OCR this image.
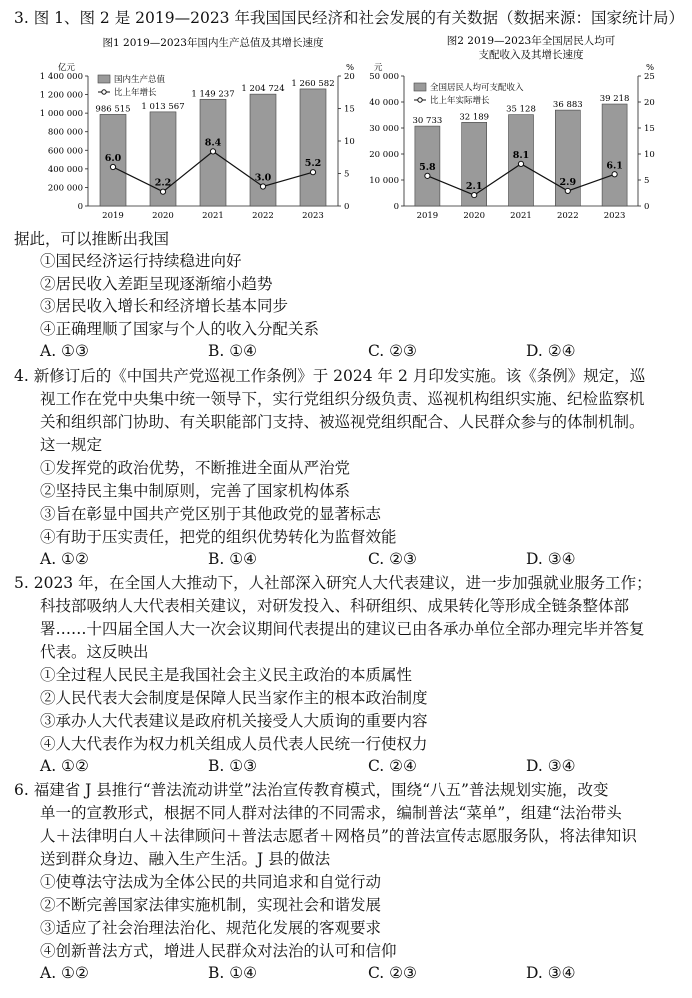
3. 图 1、图 2 是 2019—2023 年我国国民经济和社会发展的有关数据（数据来源：国家统计局）
图1 2019—2023年国内生产总值及其增长速度
亿元	%
0
200 000
400 000
600 000
800 000
1 000 000
1 200 000
1 400 000
0
5
10
15
20
986 515 1 013 567
1 149 237
1 204 724
1 260 582
6.0
2.2
8.4
3.0
5.2
2019	2020	2021	2022	2023
国内生产总值
比上年增长
图2 2019—2023年全国居民人均可
支配收入及其增长速度
元	%
0
10 000
20 000
30 000
40 000
50 000
0
5
10
15
20
25
30 733 32 189
35 128 36 883
39 218
5.8
2.1
8.1
2.9
6.1
2019	2020	2021	2022	2023
全国居民人均可支配收入
比上年实际增长
据此，可以推断出我国
①国民经济运行持续稳进向好
②居民收入差距呈现逐渐缩小趋势
③居民收入增长和经济增长基本同步
④正确理顺了国家与个人的收入分配关系
A. ①③	B. ①④	C. ②③	D. ②④
4. 新修订后的《中国共产党巡视工作条例》于 2024 年 2 月印发实施。该《条例》规定，巡
视工作在党中央集中统一领导下，实行党组织分级负责、巡视机构组织实施、纪检监察机
关和组织部门协助、有关职能部门支持、被巡视党组织配合、人民群众参与的体制机制。
这一规定
①发挥党的政治优势，不断推进全面从严治党
②坚持民主集中制原则，完善了国家机构体系
③旨在彰显中国共产党区别于其他政党的显著标志
④有助于压实责任，把党的组织优势转化为监督效能
A. ①②	B. ①④	C. ②③	D. ③④
5. 2023 年，在全国人大推动下，人社部深入研究人大代表建议，进一步加强就业服务工作；
科技部吸纳人大代表相关建议，对研发投入、科研组织、成果转化等形成全链条整体部
署……十四届全国人大一次会议期间代表提出的建议已由各承办单位全部办理完毕并答复
代表。这反映出
①全过程人民民主是我国社会主义民主政治的本质属性
②人民代表大会制度是保障人民当家作主的根本政治制度
③承办人大代表建议是政府机关接受人大质询的重要内容
④人大代表作为权力机关组成人员代表人民统一行使权力
A. ①②	B. ①③	C. ②④	D. ③④
6. 福建省 J 县推行“普法流动讲堂”法治宣传教育模式，围绕“八五”普法规划实施，改变
单一的宣教形式，根据不同人群对法律的不同需求，编制普法“菜单”，组建“法治带头
人＋法律明白人＋法律顾问＋普法志愿者＋网格员”的普法宣传志愿服务队，将法律知识
送到群众身边、融入生产生活。J 县的做法
①使尊法守法成为全体公民的共同追求和自觉行动
②不断完善国家法律实施机制，实现社会和谐发展
③适应了社会治理法治化、规范化发展的客观要求
④创新普法方式，增进人民群众对法治的认可和信仰
A. ①②	B. ①④	C. ②③	D. ③④
